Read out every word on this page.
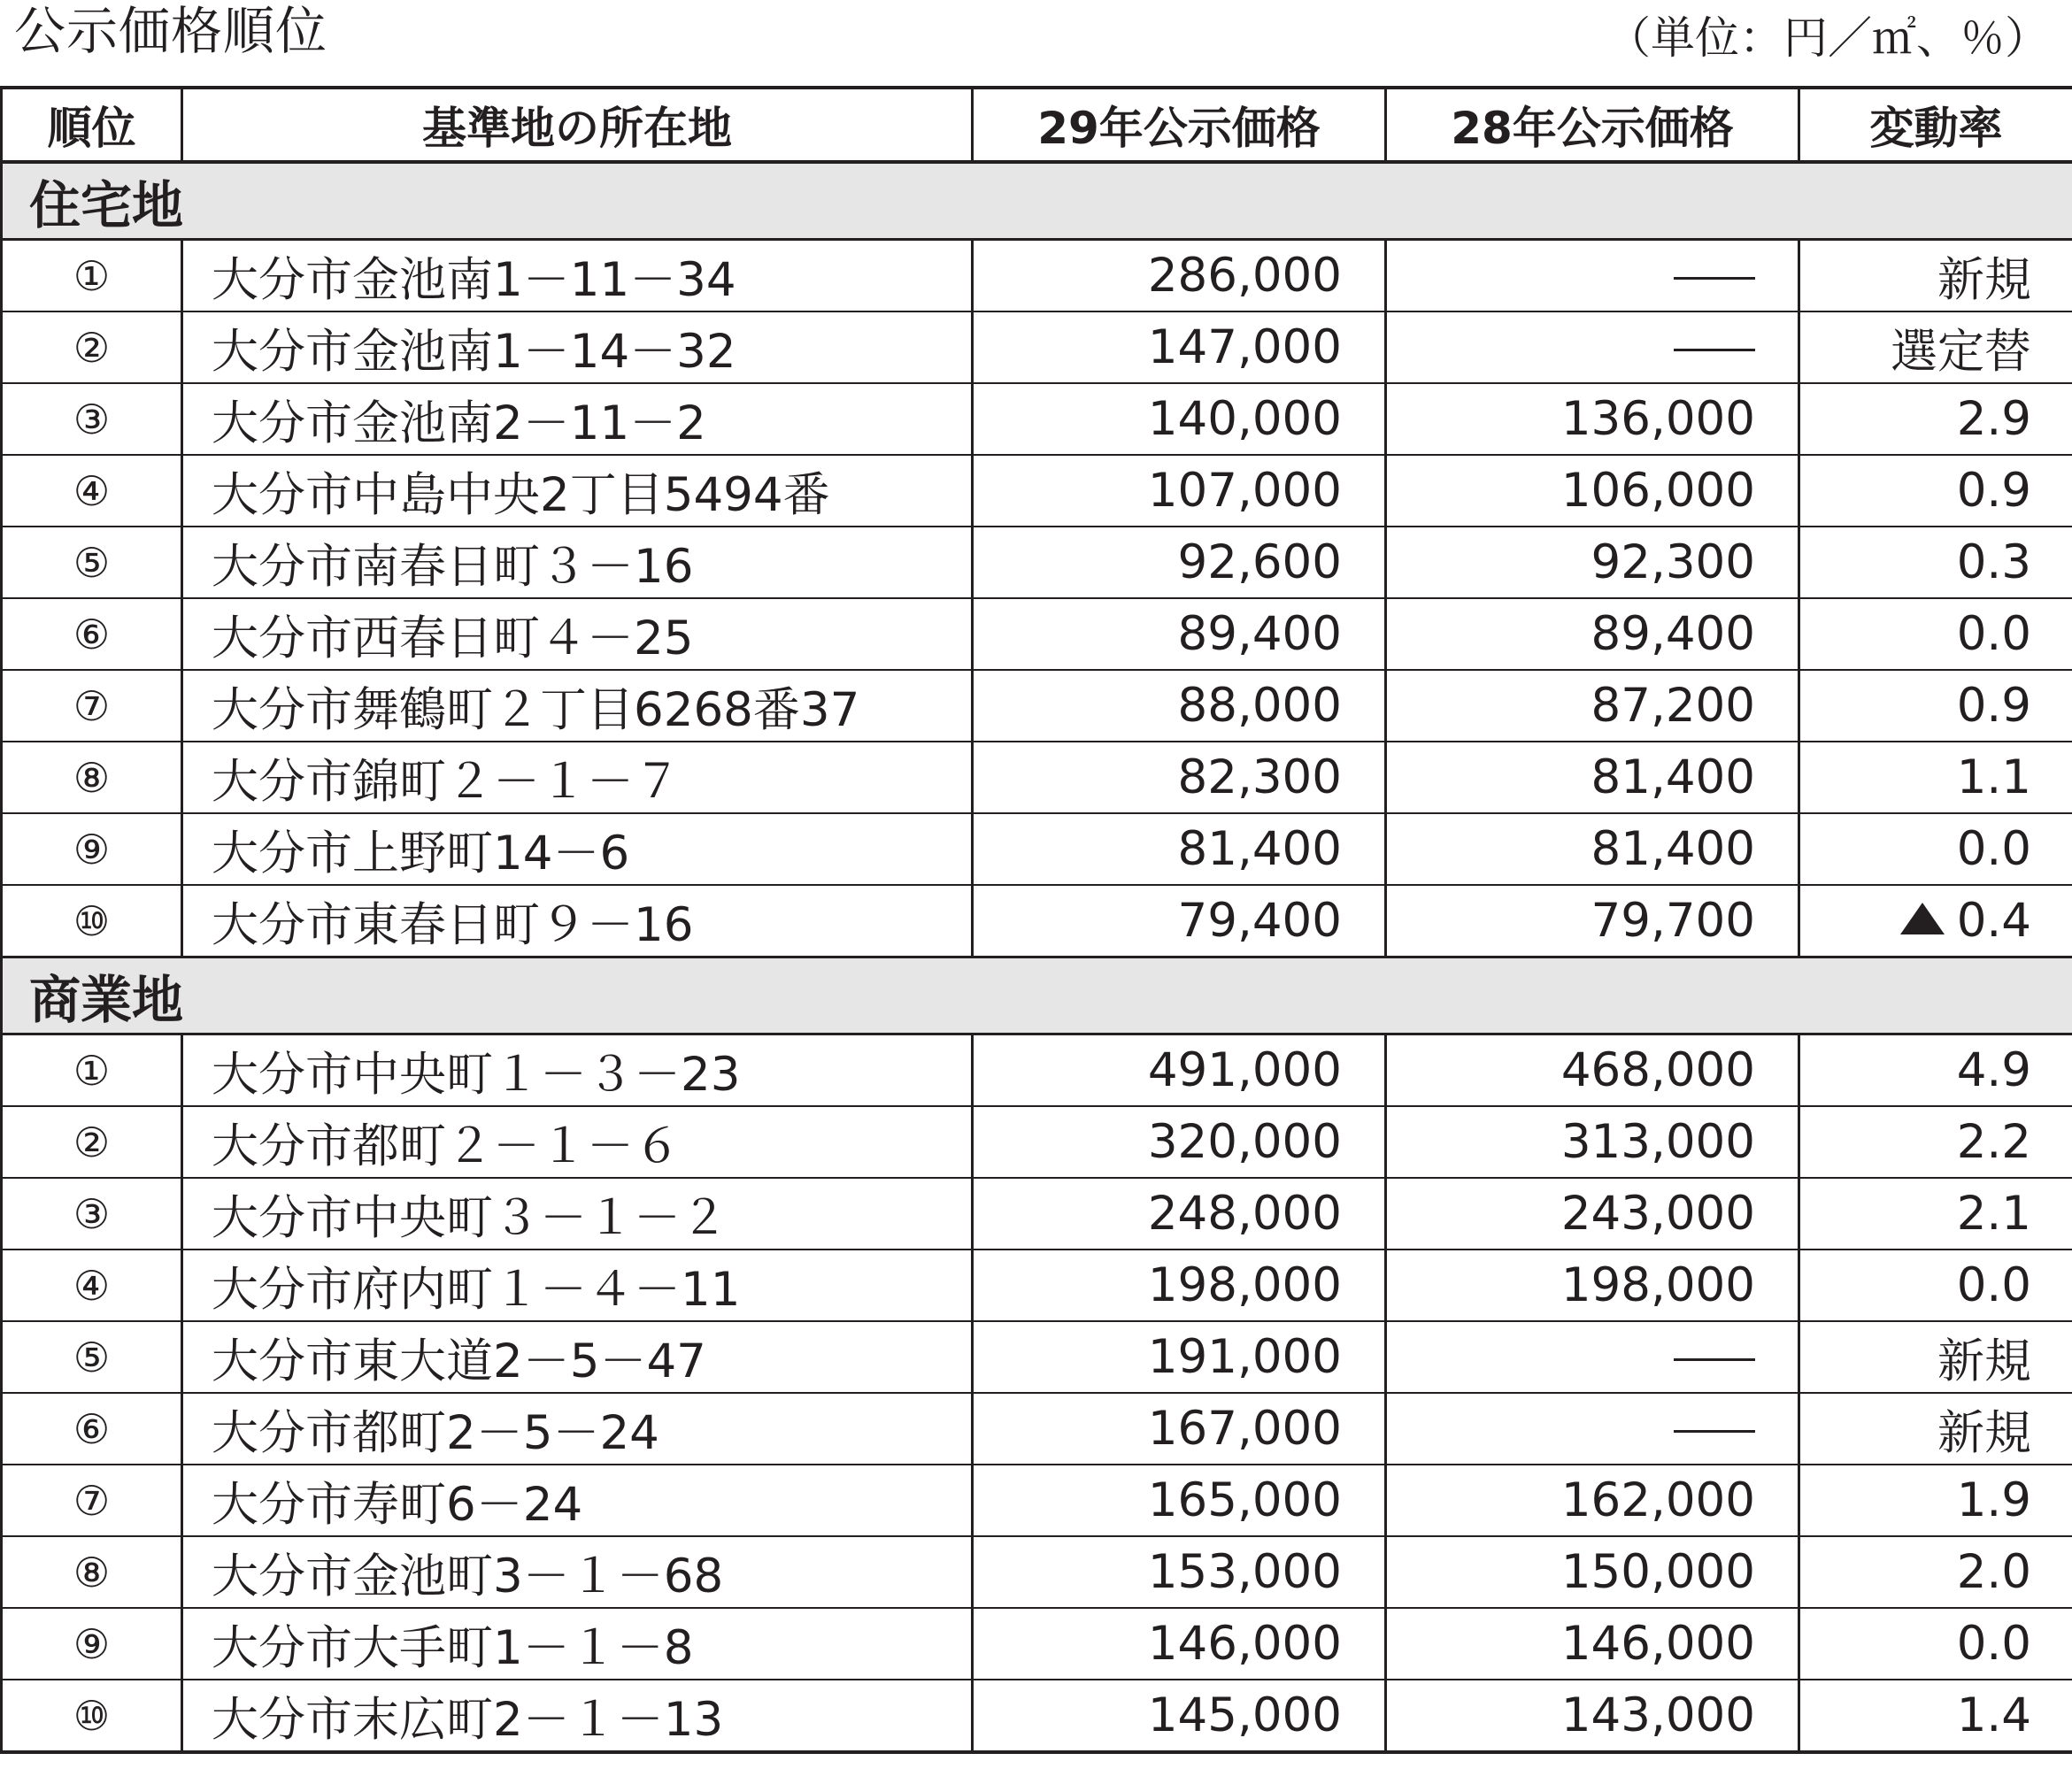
公示価格順位	（単位：円／㎡、％）
順位	基準地の所在地	29年公示価格	28年公示価格	変動率
住宅地				
①	大分市金池南1－11－34	286,000		新規
②	大分市金池南1－14－32	147,000		選定替
③	大分市金池南2－11－2	140,000	136,000	2.9
④	大分市中島中央2丁目5494番	107,000	106,000	0.9
⑤	大分市南春日町３－16	92,600	92,300	0.3
⑥	大分市西春日町４－25	89,400	89,400	0.0
⑦	大分市舞鶴町２丁目6268番37	88,000	87,200	0.9
⑧	大分市錦町２－１－７	82,300	81,400	1.1
⑨	大分市上野町14－6	81,400	81,400	0.0
⑩	大分市東春日町９－16	79,400	79,700	0.4
商業地				
①	大分市中央町１－３－23	491,000	468,000	4.9
②	大分市都町２－１－６	320,000	313,000	2.2
③	大分市中央町３－１－２	248,000	243,000	2.1
④	大分市府内町１－４－11	198,000	198,000	0.0
⑤	大分市東大道2－5－47	191,000		新規
⑥	大分市都町2－5－24	167,000		新規
⑦	大分市寿町6－24	165,000	162,000	1.9
⑧	大分市金池町3－１－68	153,000	150,000	2.0
⑨	大分市大手町1－１－8	146,000	146,000	0.0
⑩	大分市末広町2－１－13	145,000	143,000	1.4
